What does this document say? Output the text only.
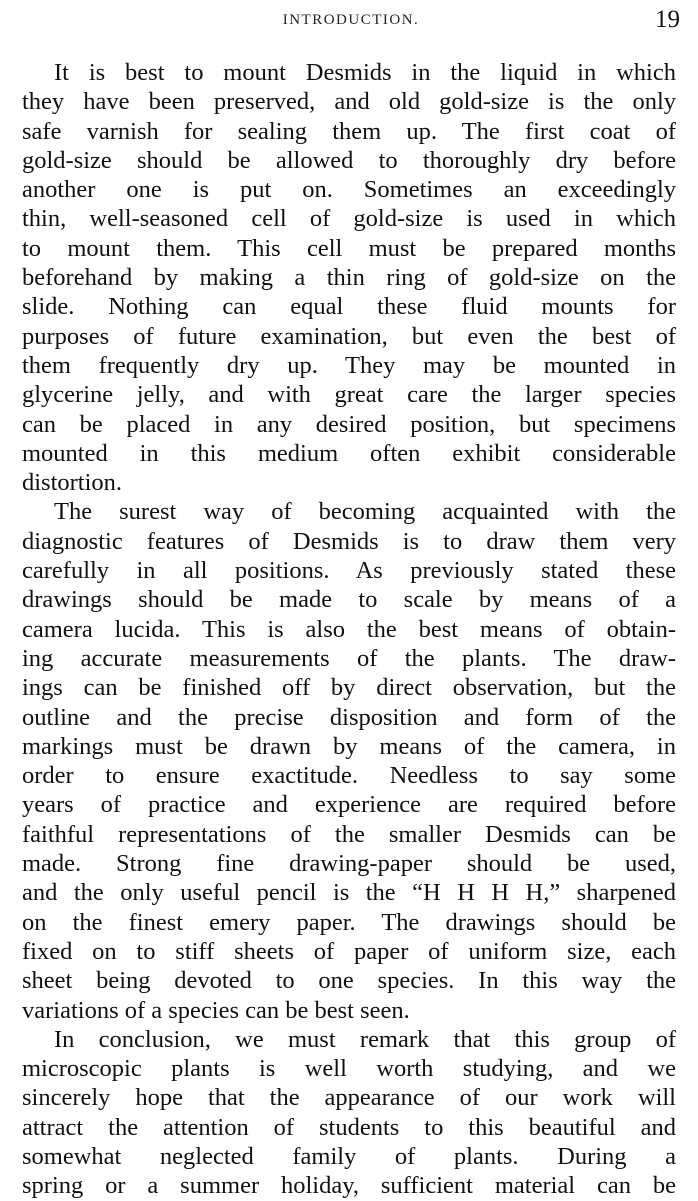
INTRODUCTION.	19
It is best to mount Desmids in the liquid in which
they have been preserved, and old gold-size is the only
safe varnish for sealing them up. The first coat of
gold-size should be allowed to thoroughly dry before
another one is put on. Sometimes an exceedingly
thin, well-seasoned cell of gold-size is used in which
to mount them. This cell must be prepared months
beforehand by making a thin ring of gold-size on the
slide. Nothing can equal these fluid mounts for
purposes of future examination, but even the best of
them frequently dry up. They may be mounted in
glycerine jelly, and with great care the larger species
can be placed in any desired position, but specimens
mounted in this medium often exhibit considerable
distortion.
The surest way of becoming acquainted with the
diagnostic features of Desmids is to draw them very
carefully in all positions. As previously stated these
drawings should be made to scale by means of a
camera lucida. This is also the best means of obtain-
ing accurate measurements of the plants. The draw-
ings can be finished off by direct observation, but the
outline and the precise disposition and form of the
markings must be drawn by means of the camera, in
order to ensure exactitude. Needless to say some
years of practice and experience are required before
faithful representations of the smaller Desmids can be
made. Strong fine drawing-paper should be used,
and the only useful pencil is the “H H H H,” sharpened
on the finest emery paper. The drawings should be
fixed on to stiff sheets of paper of uniform size, each
sheet being devoted to one species. In this way the
variations of a species can be best seen.
In conclusion, we must remark that this group of
microscopic plants is well worth studying, and we
sincerely hope that the appearance of our work will
attract the attention of students to this beautiful and
somewhat neglected family of plants. During a
spring or a summer holiday, sufficient material can be
